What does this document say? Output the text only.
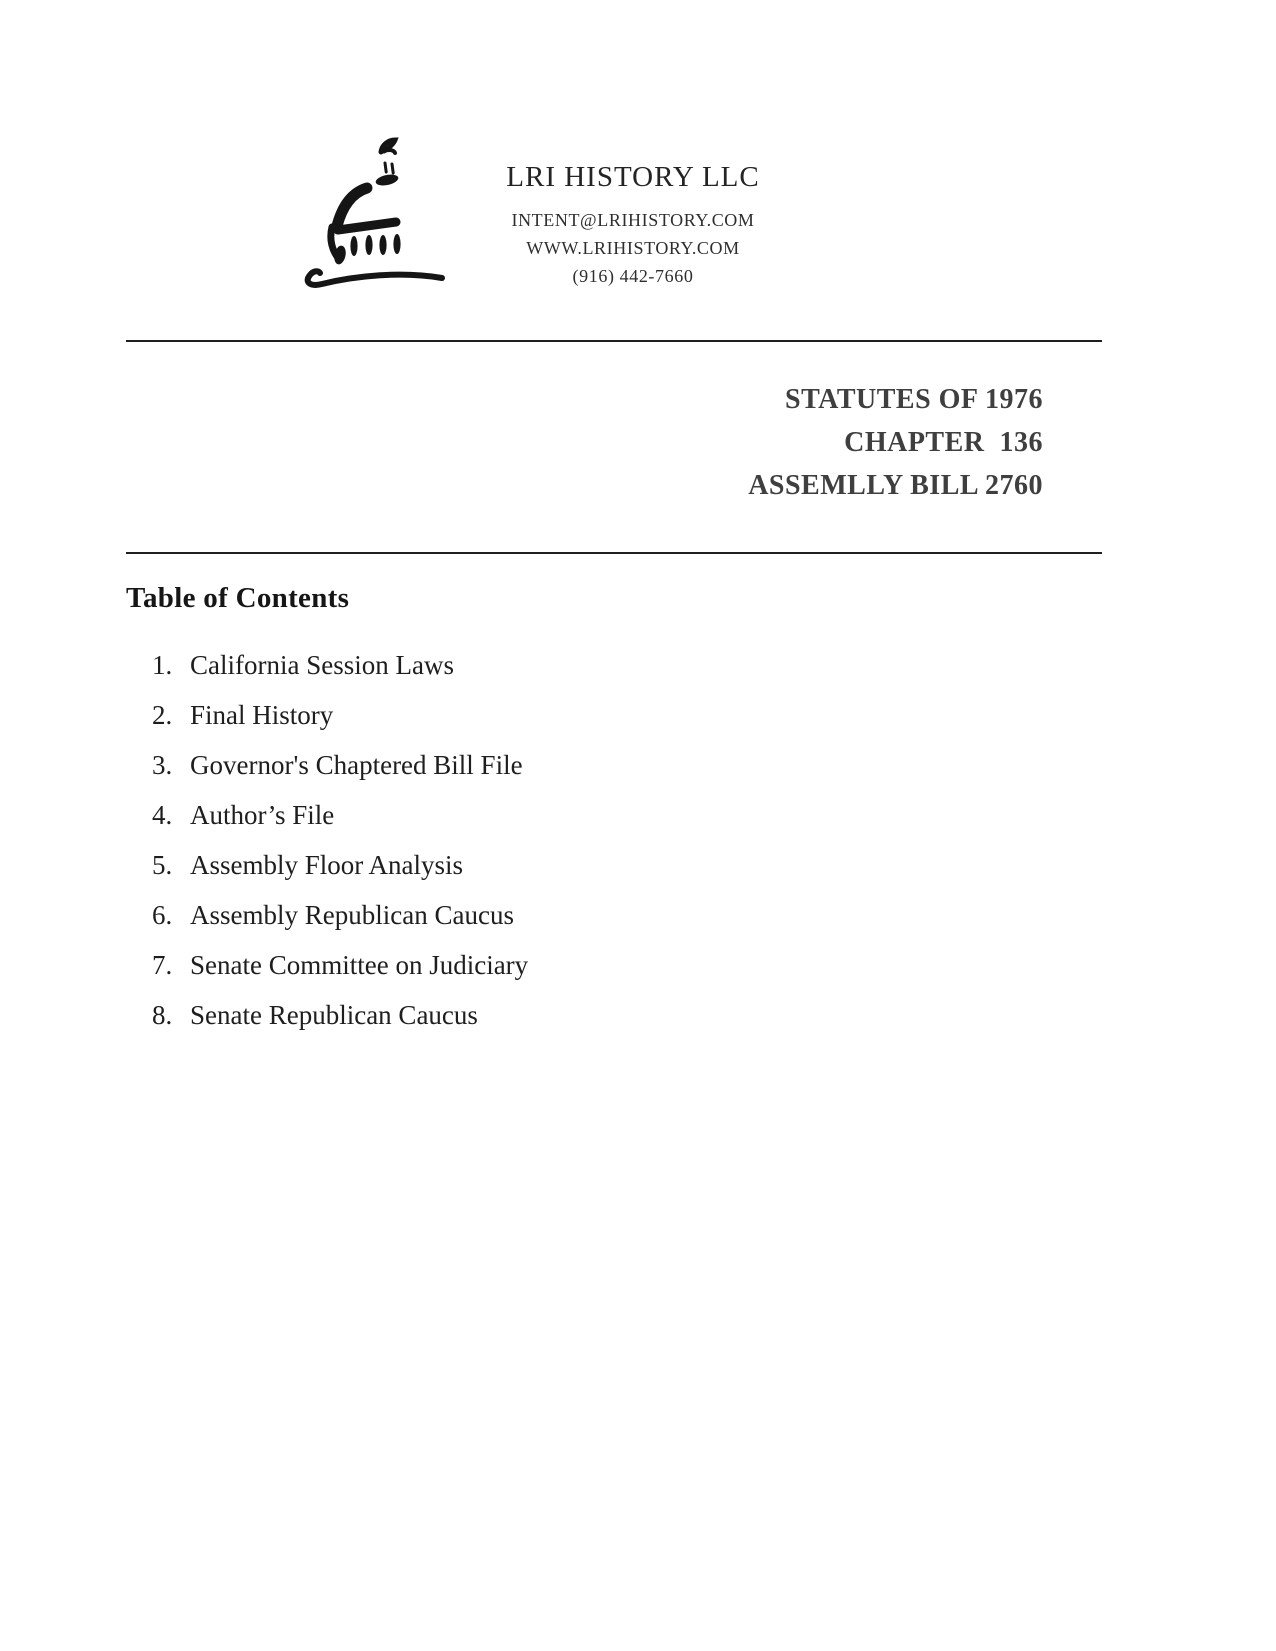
LRI HISTORY LLC
INTENT@LRIHISTORY.COM
WWW.LRIHISTORY.COM
(916) 442-7660
STATUTES OF 1976
CHAPTER  136
ASSEMLLY BILL 2760
Table of Contents
1. California Session Laws
2. Final History
3. Governor's Chaptered Bill File
4. Author’s File
5. Assembly Floor Analysis
6. Assembly Republican Caucus
7. Senate Committee on Judiciary
8. Senate Republican Caucus
